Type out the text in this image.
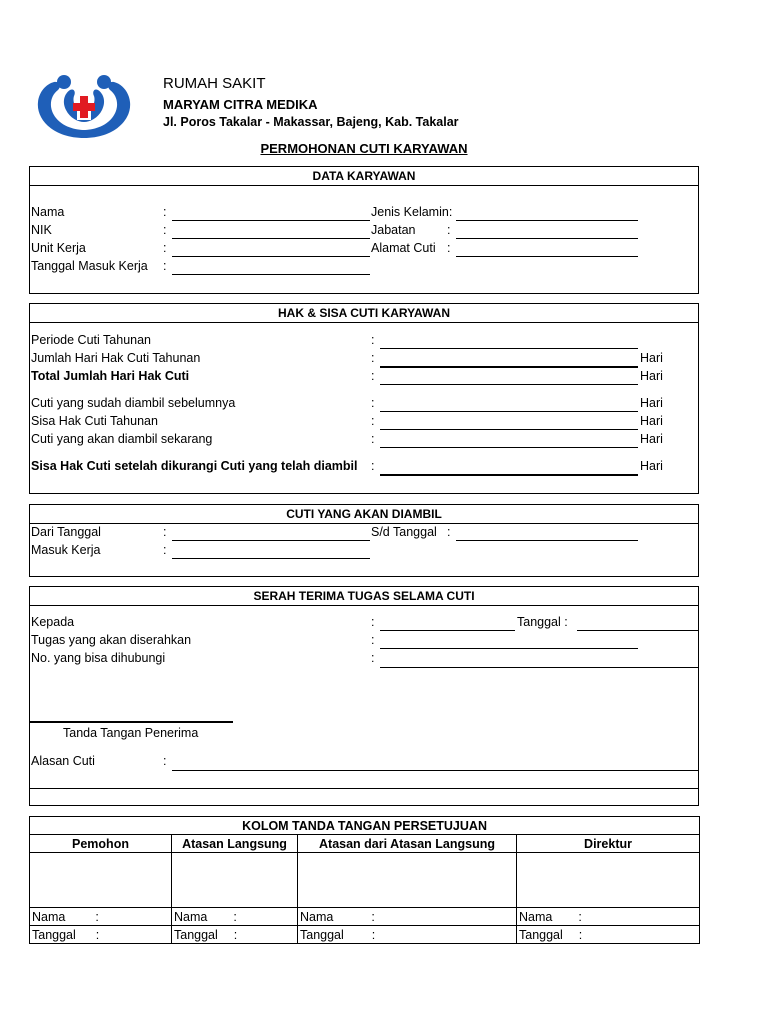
RUMAH SAKIT
MARYAM CITRA MEDIKA
Jl. Poros Takalar - Makassar, Bajeng, Kab. Takalar
PERMOHONAN CUTI KARYAWAN
DATA KARYAWAN
Nama	:
NIK	:
Unit Kerja	:
Tanggal Masuk Kerja :
Jenis Kelamin:
Jabatan	:
Alamat Cuti :
HAK & SISA CUTI KARYAWAN
Periode Cuti Tahunan	:
Jumlah Hari Hak Cuti Tahunan	:	Hari
Total Jumlah Hari Hak Cuti	:	Hari
Cuti yang sudah diambil sebelumnya	:	Hari
Sisa Hak Cuti Tahunan	:	Hari
Cuti yang akan diambil sekarang	:	Hari
Sisa Hak Cuti setelah dikurangi Cuti yang telah diambil :	Hari
CUTI YANG AKAN DIAMBIL
Dari Tanggal	:	S/d Tanggal :
Masuk Kerja	:
SERAH TERIMA TUGAS SELAMA CUTI
Kepada	:	Tanggal :
Tugas yang akan diserahkan	:
No. yang bisa dihubungi	:
Tanda Tangan Penerima
Alasan Cuti	:
KOLOM TANDA TANGAN PERSETUJUAN			
Pemohon	Atasan Langsung	Atasan dari Atasan Langsung	Direktur

Nama :	Nama :	Nama :	Nama :
Tanggal :	Tanggal :	Tanggal :	Tanggal :
